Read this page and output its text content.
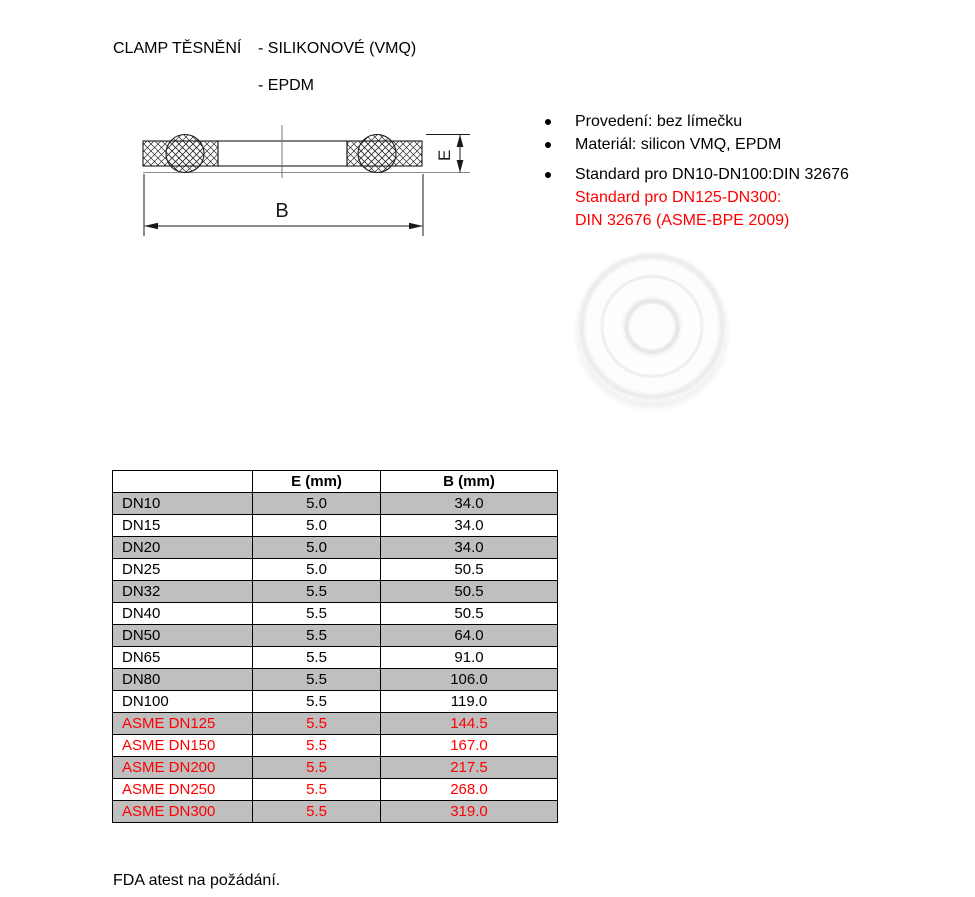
CLAMP TĚSNĚNÍ - SILIKONOVÉ (VMQ)
- EPDM
E
B
Provedení: bez límečku
Materiál: silicon VMQ, EPDM
Standard pro DN10-DN100:DIN 32676
Standard pro DN125-DN300:
DIN 32676 (ASME-BPE 2009)
	E (mm)	B (mm)
DN10	5.0	34.0
DN15	5.0	34.0
DN20	5.0	34.0
DN25	5.0	50.5
DN32	5.5	50.5
DN40	5.5	50.5
DN50	5.5	64.0
DN65	5.5	91.0
DN80	5.5	106.0
DN100	5.5	119.0
ASME DN125	5.5	144.5
ASME DN150	5.5	167.0
ASME DN200	5.5	217.5
ASME DN250	5.5	268.0
ASME DN300	5.5	319.0
FDA atest na požádání.
